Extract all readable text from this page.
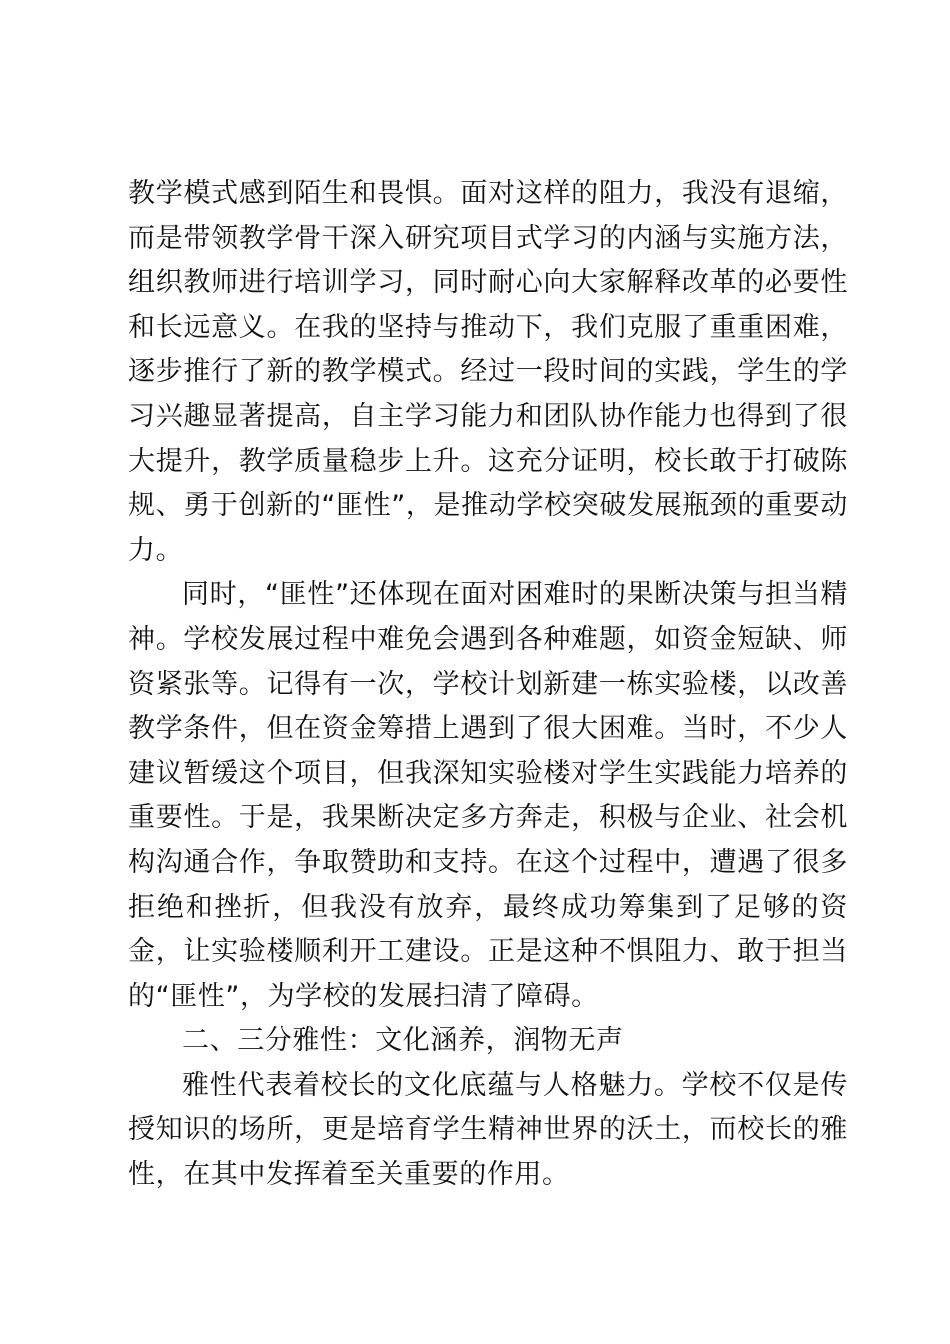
教学模式感到陌生和畏惧。面对这样的阻力，我没有退缩，而是带领教学骨干深入研究项目式学习的内涵与实施方法，组织教师进行培训学习，同时耐心向大家解释改革的必要性和长远意义。在我的坚持与推动下，我们克服了重重困难，逐步推行了新的教学模式。经过一段时间的实践，学生的学习兴趣显著提高，自主学习能力和团队协作能力也得到了很大提升，教学质量稳步上升。这充分证明，校长敢于打破陈规、勇于创新的“匪性”，是推动学校突破发展瓶颈的重要动力。

同时，“匪性”还体现在面对困难时的果断决策与担当精神。学校发展过程中难免会遇到各种难题，如资金短缺、师资紧张等。记得有一次，学校计划新建一栋实验楼，以改善教学条件，但在资金筹措上遇到了很大困难。当时，不少人建议暂缓这个项目，但我深知实验楼对学生实践能力培养的重要性。于是，我果断决定多方奔走，积极与企业、社会机构沟通合作，争取赞助和支持。在这个过程中，遭遇了很多拒绝和挫折，但我没有放弃，最终成功筹集到了足够的资金，让实验楼顺利开工建设。正是这种不惧阻力、敢于担当的“匪性”，为学校的发展扫清了障碍。

二、三分雅性：文化涵养，润物无声

雅性代表着校长的文化底蕴与人格魅力。学校不仅是传授知识的场所，更是培育学生精神世界的沃土，而校长的雅性，在其中发挥着至关重要的作用。
